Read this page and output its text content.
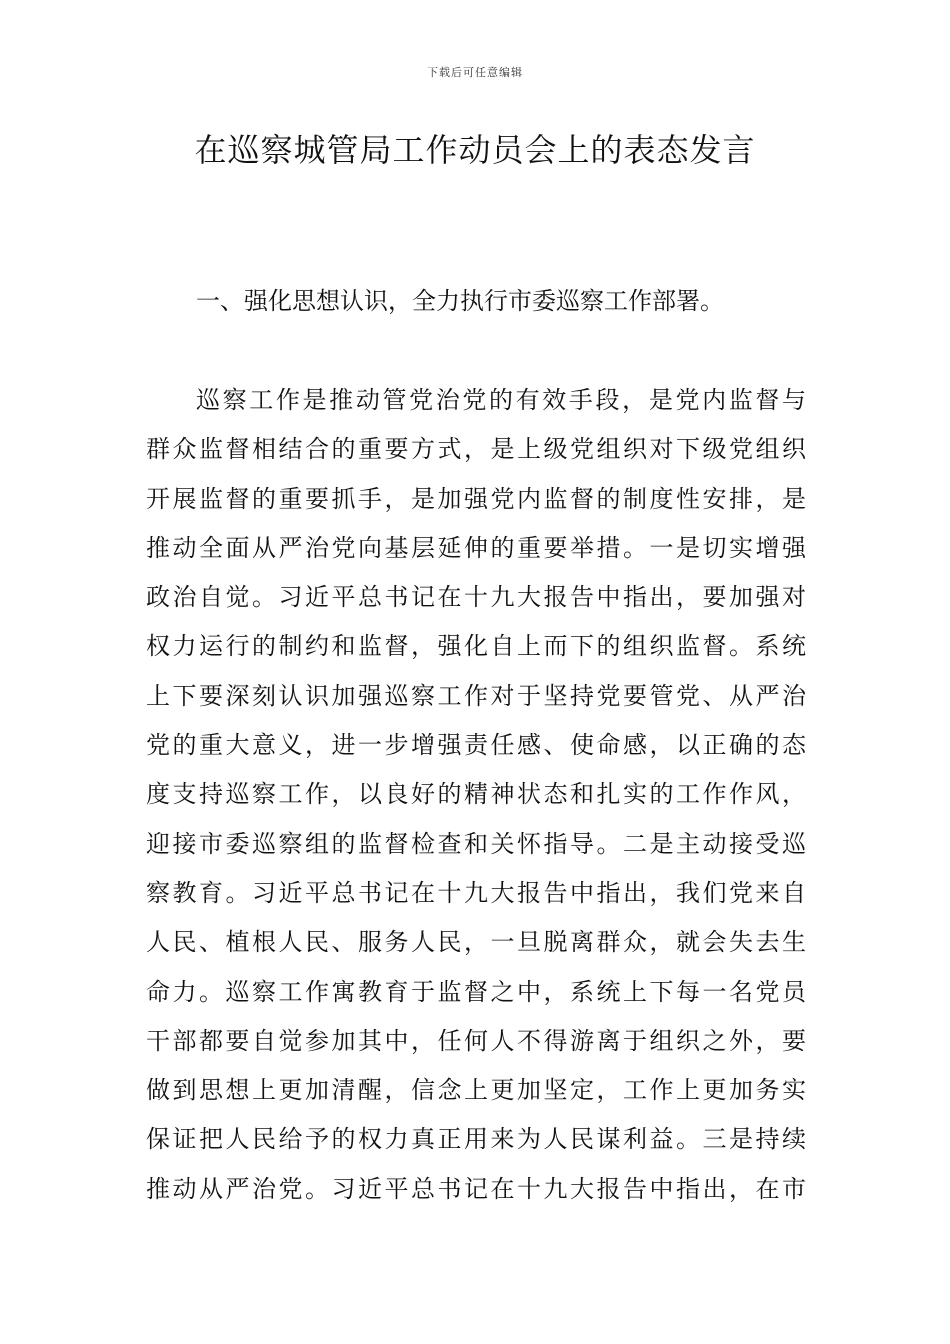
下载后可任意编辑
在巡察城管局工作动员会上的表态发言
一、强化思想认识，全力执行市委巡察工作部署。
巡察工作是推动管党治党的有效手段，是党内监督与
群众监督相结合的重要方式，是上级党组织对下级党组织
开展监督的重要抓手，是加强党内监督的制度性安排，是
推动全面从严治党向基层延伸的重要举措。一是切实增强
政治自觉。习近平总书记在十九大报告中指出，要加强对
权力运行的制约和监督，强化自上而下的组织监督。系统
上下要深刻认识加强巡察工作对于坚持党要管党、从严治
党的重大意义，进一步增强责任感、使命感，以正确的态
度支持巡察工作，以良好的精神状态和扎实的工作作风，
迎接市委巡察组的监督检查和关怀指导。二是主动接受巡
察教育。习近平总书记在十九大报告中指出，我们党来自
人民、植根人民、服务人民，一旦脱离群众，就会失去生
命力。巡察工作寓教育于监督之中，系统上下每一名党员
干部都要自觉参加其中，任何人不得游离于组织之外，要
做到思想上更加清醒，信念上更加坚定，工作上更加务实
保证把人民给予的权力真正用来为人民谋利益。三是持续
推动从严治党。习近平总书记在十九大报告中指出，在市
